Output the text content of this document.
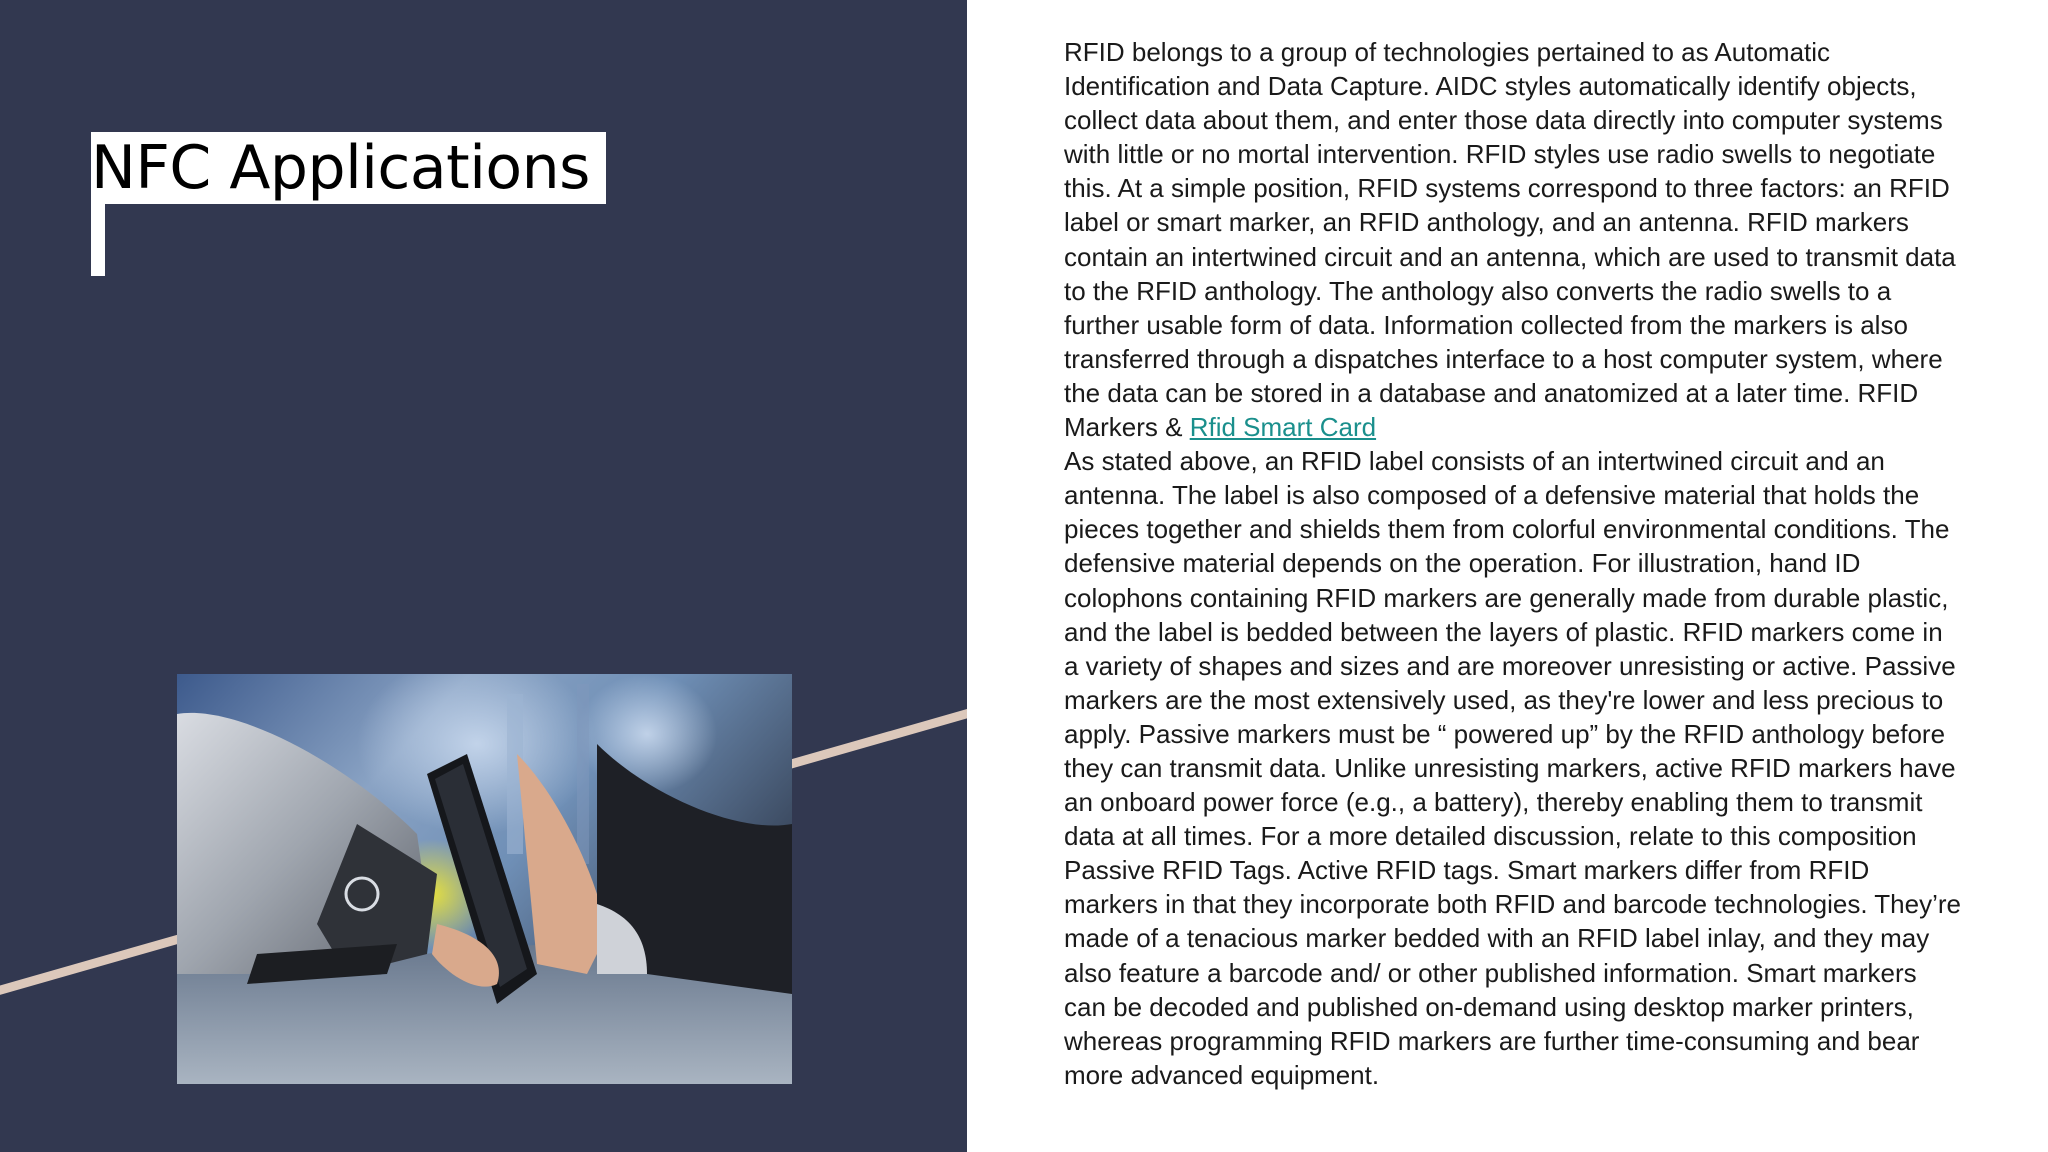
NFC Applications

RFID belongs to a group of technologies pertained to as Automatic Identification and Data Capture. AIDC styles automatically identify objects, collect data about them, and enter those data directly into computer systems with little or no mortal intervention. RFID styles use radio swells to negotiate this. At a simple position, RFID systems correspond to three factors: an RFID label or smart marker, an RFID anthology, and an antenna. RFID markers contain an intertwined circuit and an antenna, which are used to transmit data to the RFID anthology. The anthology also converts the radio swells to a further usable form of data. Information collected from the markers is also transferred through a dispatches interface to a host computer system, where the data can be stored in a database and anatomized at a later time. RFID Markers & Rfid Smart Card
As stated above, an RFID label consists of an intertwined circuit and an antenna. The label is also composed of a defensive material that holds the pieces together and shields them from colorful environmental conditions. The defensive material depends on the operation. For illustration, hand ID colophons containing RFID markers are generally made from durable plastic, and the label is bedded between the layers of plastic. RFID markers come in a variety of shapes and sizes and are moreover unresisting or active. Passive markers are the most extensively used, as they're lower and less precious to apply. Passive markers must be “ powered up” by the RFID anthology before they can transmit data. Unlike unresisting markers, active RFID markers have an onboard power force (e.g., a battery), thereby enabling them to transmit data at all times. For a more detailed discussion, relate to this composition Passive RFID Tags. Active RFID tags. Smart markers differ from RFID markers in that they incorporate both RFID and barcode technologies. They’re made of a tenacious marker bedded with an RFID label inlay, and they may also feature a barcode and/ or other published information. Smart markers can be decoded and published on-demand using desktop marker printers, whereas programming RFID markers are further time-consuming and bear more advanced equipment.
